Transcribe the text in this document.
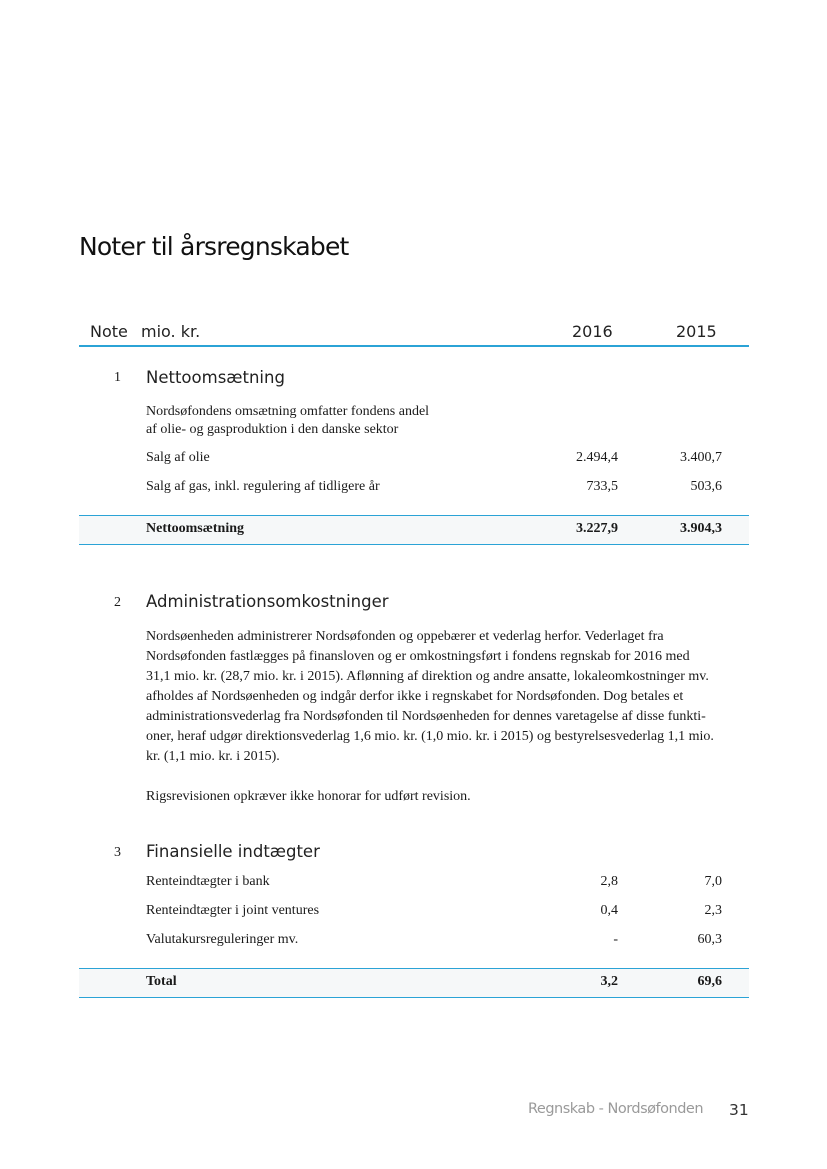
Noter til årsregnskabet
Note mio. kr.	2016	2015
1 Nettoomsætning
Nordsøfondens omsætning omfatter fondens andel
af olie- og gasproduktion i den danske sektor
Salg af olie	2.494,4	3.400,7
Salg af gas, inkl. regulering af tidligere år	733,5	503,6
Nettoomsætning	3.227,9	3.904,3
2 Administrationsomkostninger
Nordsøenheden administrerer Nordsøfonden og oppebærer et vederlag herfor. Vederlaget fra
Nordsøfonden fastlægges på finansloven og er omkostningsført i fondens regnskab for 2016 med
31,1 mio. kr. (28,7 mio. kr. i 2015). Aflønning af direktion og andre ansatte, lokaleomkostninger mv.
afholdes af Nordsøenheden og indgår derfor ikke i regnskabet for Nordsøfonden. Dog betales et
administrationsvederlag fra Nordsøfonden til Nordsøenheden for dennes varetagelse af disse funkti-
oner, heraf udgør direktionsvederlag 1,6 mio. kr. (1,0 mio. kr. i 2015) og bestyrelsesvederlag 1,1 mio.
kr. (1,1 mio. kr. i 2015).
Rigsrevisionen opkræver ikke honorar for udført revision.
3 Finansielle indtægter
Renteindtægter i bank	2,8	7,0
Renteindtægter i joint ventures	0,4	2,3
Valutakursreguleringer mv.	-	60,3
Total	3,2	69,6
Regnskab - Nordsøfonden 31
